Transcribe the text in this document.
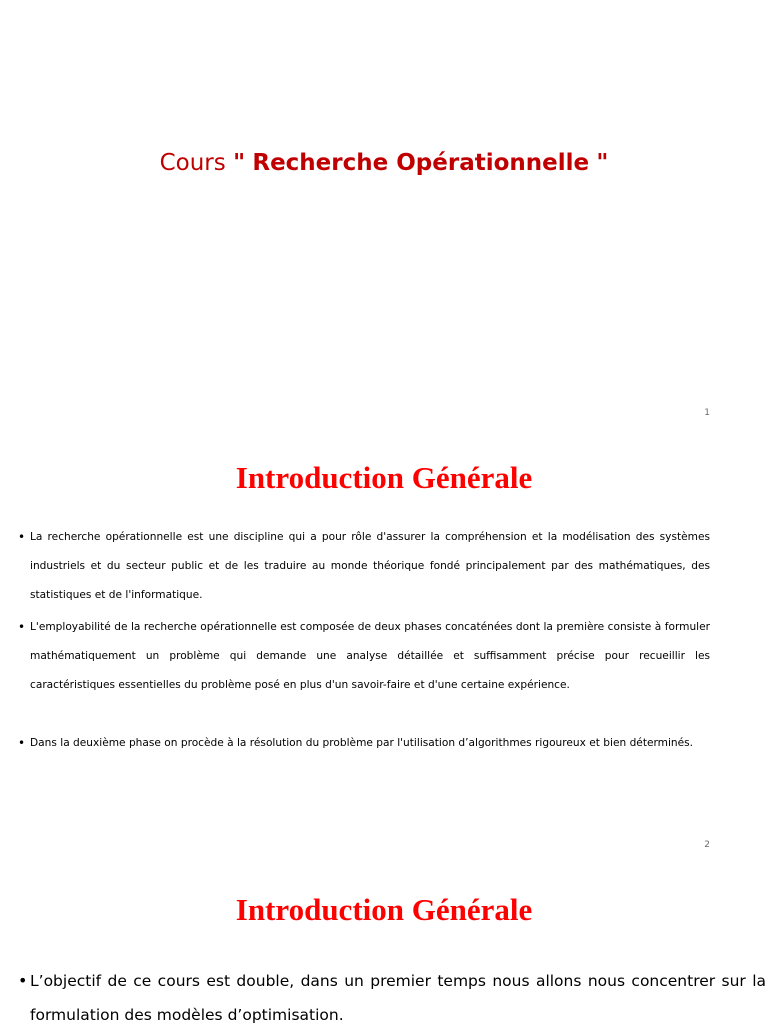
Cours " Recherche Opérationnelle "
1
Introduction Générale
• La recherche opérationnelle est une discipline qui a pour rôle d'assurer la compréhension et la modélisation des systèmes industriels et du secteur public et de les traduire au monde théorique fondé principalement par des mathématiques, des statistiques et de l'informatique.
• L'employabilité de la recherche opérationnelle est composée de deux phases concaténées dont la première consiste à formuler mathématiquement un problème qui demande une analyse détaillée et suffisamment précise pour recueillir les caractéristiques essentielles du problème posé en plus d'un savoir-faire et d'une certaine expérience.
• Dans la deuxième phase on procède à la résolution du problème par l'utilisation d’algorithmes rigoureux et bien déterminés.
2
Introduction Générale
• L’objectif de ce cours est double, dans un premier temps nous allons nous concentrer sur la formulation des modèles d’optimisation.
